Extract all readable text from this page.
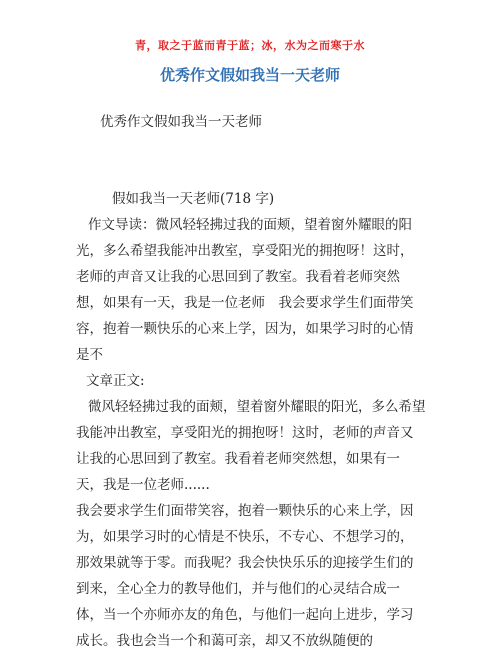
青，取之于蓝而青于蓝；冰，水为之而寒于水
优秀作文假如我当一天老师
优秀作文假如我当一天老师
假如我当一天老师(718 字)

作文导读：微风轻轻拂过我的面颊，望着窗外耀眼的阳光，多么希望我能冲出教室，享受阳光的拥抱呀！这时，老师的声音又让我的心思回到了教室。我看着老师突然想，如果有一天，我是一位老师　我会要求学生们面带笑容，抱着一颗快乐的心来上学，因为，如果学习时的心情是不

文章正文:

微风轻轻拂过我的面颊，望着窗外耀眼的阳光，多么希望我能冲出教室，享受阳光的拥抱呀！这时，老师的声音又让我的心思回到了教室。我看着老师突然想，如果有一天，我是一位老师......

我会要求学生们面带笑容，抱着一颗快乐的心来上学，因为，如果学习时的心情是不快乐，不专心、不想学习的，那效果就等于零。而我呢？我会快快乐乐的迎接学生们的到来，全心全力的教导他们，并与他们的心灵结合成一体，当一个亦师亦友的角色，与他们一起向上进步，学习成长。我也会当一个和蔼可亲，却又不放纵随便的
